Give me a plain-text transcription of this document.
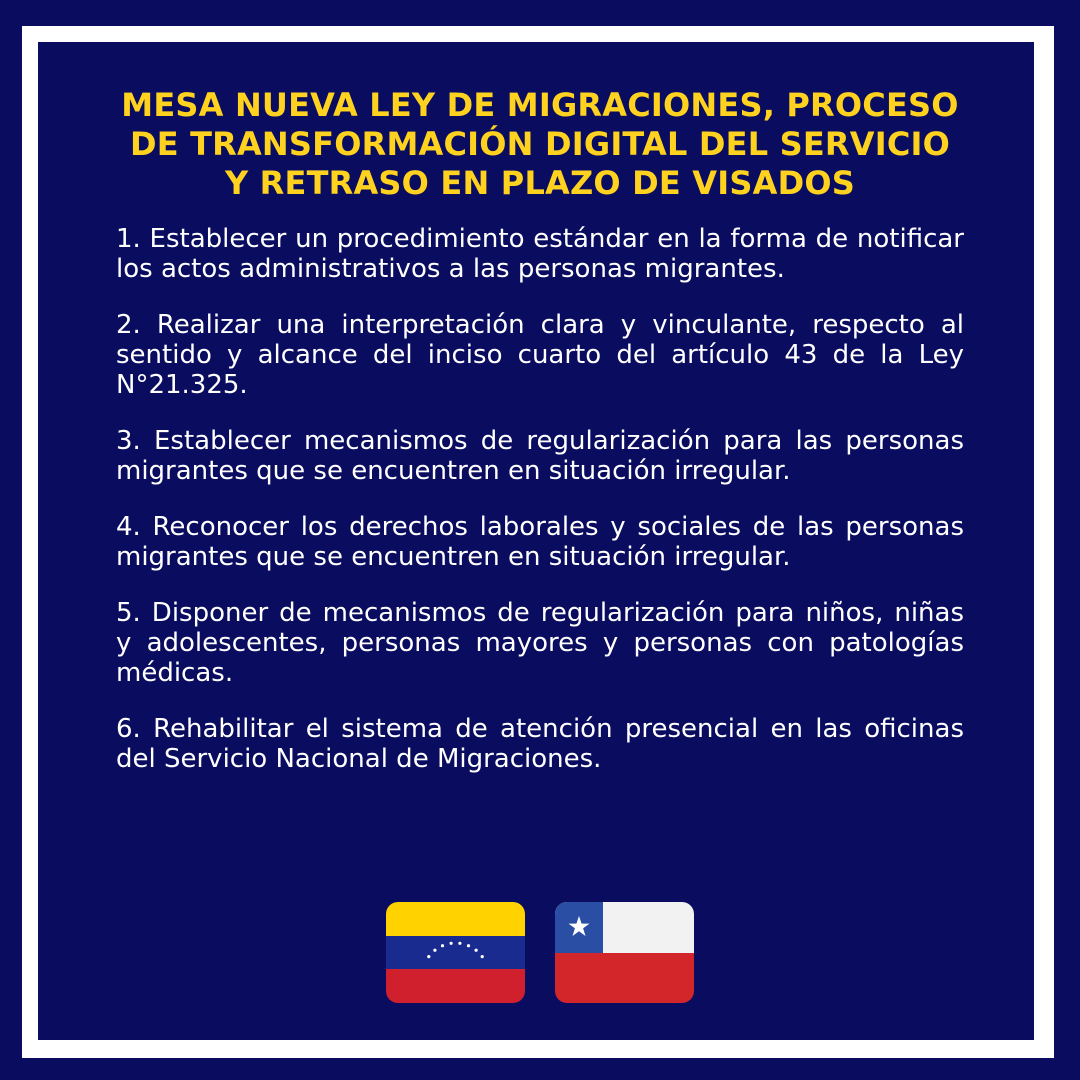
MESA NUEVA LEY DE MIGRACIONES, PROCESO
DE TRANSFORMACIÓN DIGITAL DEL SERVICIO
Y RETRASO EN PLAZO DE VISADOS

1. Establecer un procedimiento estándar en la forma de notificar los actos administrativos a las personas migrantes.

2. Realizar una interpretación clara y vinculante, respecto al sentido y alcance del inciso cuarto del artículo 43 de la Ley N°21.325.

3. Establecer mecanismos de regularización para las personas migrantes que se encuentren en situación irregular.

4. Reconocer los derechos laborales y sociales de las personas migrantes que se encuentren en situación irregular.

5. Disponer de mecanismos de regularización para niños, niñas y adolescentes, personas mayores y personas con patologías médicas.

6. Rehabilitar el sistema de atención presencial en las oficinas del Servicio Nacional de Migraciones.
